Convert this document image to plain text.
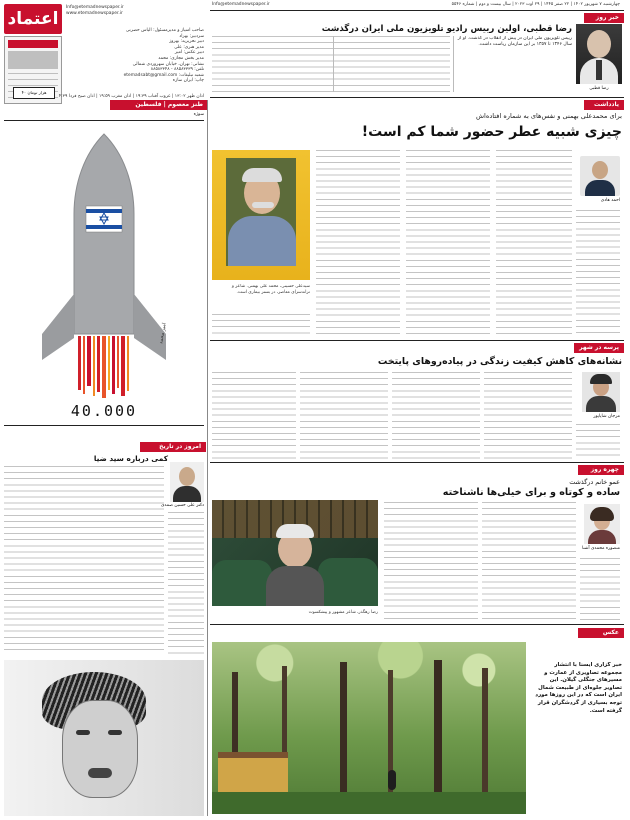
اعتماد
Info@etemadnewspaper.ir
www.etemadnewspaper.ir
۴۰ هزار تومان
صاحب امتیاز و مدیرمسئول: الیاس حضرتی
سردبیر: بهزاد
دبیر تحریریه: بهروز
مدیر هنری: علی
دبیر عکس: امیر
مدیر بخش مجازی: محمد
نشانی: تهران، خیابان سهروردی شمالی
تلفن: ۸۸۵۸۳۳۳۹ - ۸۸۵۸۳۳۴۸
شعبه تبلیغات: etemadsabt@gmail.com
چاپ: ایران سازه
اذان ظهر ۱۳:۰۲ | غروب آفتاب ۱۹:۳۹ | اذان مغرب ۱۹:۵۹ | اذان صبح فردا ۴:۳۹
چهارشنبه ۷ شهریور ۱۴۰۲ | ۲۲ صفر ۱۴۴۵ | ۲۹ اوت ۲۰۲۳ | سال بیست و دوم | شماره ۵۵۴۶
Info@etemadnewspaper.ir
خبر روز
رضا قطبی، اولین رییس رادیو تلویزیون ملی ایران درگذشت
رضا قطبی
رییس تلویزیون ملی ایران در پیش از انقلاب در گذشت. او از سال ۱۳۴۶ تا ۱۳۵۷ بر این سازمان ریاست داشت.
طنز معصوم | فلسطین
سوژه
امیر محمد
40.000
امروز در تاریخ
کمی درباره سید ضیا
دکتر علی حسین صمدی
یادداشت
برای محمدعلی بهمنی و نفس‌های به شماره افتاده‌اش
چیزی شبیه عطر حضور شما کم است!
احمد هادی
سیدعلی حسینی، محمد علی بهمنی. شاعر و ترانه‌سرای معاصر، در بستر بیماری است.
پرسه در شهر
نشانه‌های کاهش کیفیت زندگی در پیاده‌روهای پایتخت
مرجان شاپاپور
چهره روز
عمو خانم درگذشت
ساده و کوتاه و برای خیلی‌ها ناشناخته
منصوره محمدی آشنا
رضا رهگذر، شاعر مشهور و پیشکسوت
عکس نوشت
خبر گزاری ایسنا با انتشار مجموعه تصاویری از عمارت و مسیرهای جنگلی گیلان. این تصاویر جلوه‌ای از طبیعت شمال ایران است که در این روزها مورد توجه بسیاری از گردشگران قرار گرفته است.
